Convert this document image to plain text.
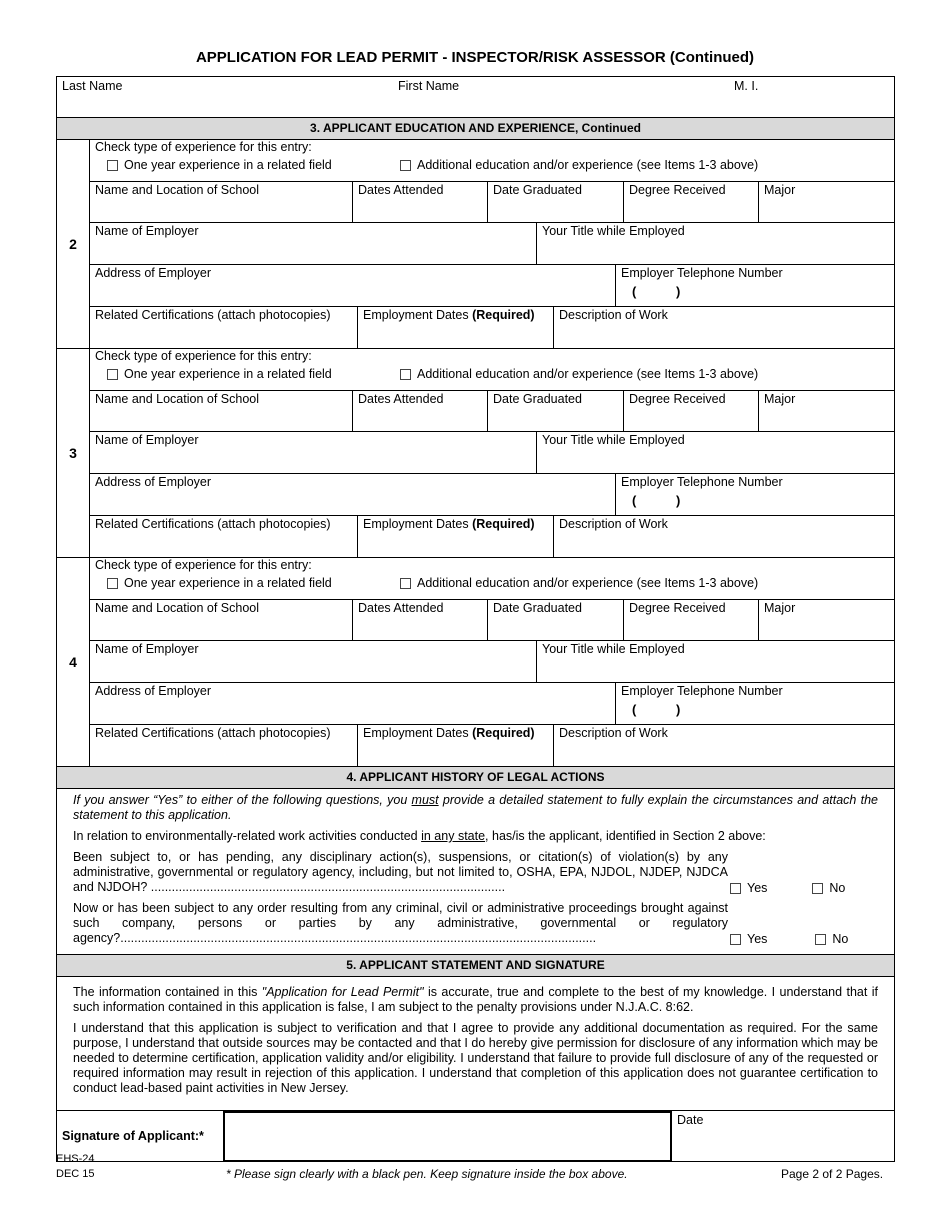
APPLICATION FOR LEAD PERMIT - INSPECTOR/RISK ASSESSOR (Continued)
Last Name	First Name	M. I.
3. APPLICANT EDUCATION AND EXPERIENCE, Continued
2
Check type of experience for this entry:
One year experience in a related field	Additional education and/or experience (see Items 1-3 above)
Name and Location of School	Dates Attended	Date Graduated	Degree Received	Major
Name of Employer	Your Title while Employed
Address of Employer	Employer Telephone Number
(           )
Related Certifications (attach photocopies)	Employment Dates (Required)	Description of Work
3
Check type of experience for this entry:
One year experience in a related field	Additional education and/or experience (see Items 1-3 above)
Name and Location of School	Dates Attended	Date Graduated	Degree Received	Major
Name of Employer	Your Title while Employed
Address of Employer	Employer Telephone Number
(           )
Related Certifications (attach photocopies)	Employment Dates (Required)	Description of Work
4
Check type of experience for this entry:
One year experience in a related field	Additional education and/or experience (see Items 1-3 above)
Name and Location of School	Dates Attended	Date Graduated	Degree Received	Major
Name of Employer	Your Title while Employed
Address of Employer	Employer Telephone Number
(           )
Related Certifications (attach photocopies)	Employment Dates (Required)	Description of Work
4. APPLICANT HISTORY OF LEGAL ACTIONS

If you answer “Yes” to either of the following questions, you must provide a detailed statement to fully explain the circumstances and attach the statement to this application.

In relation to environmentally-related work activities conducted in any state, has/is the applicant, identified in Section 2 above:

Been subject to, or has pending, any disciplinary action(s), suspensions, or citation(s) of violation(s) by any administrative, governmental or regulatory agency, including, but not limited to, OSHA, EPA, NJDOL, NJDEP, NJDCA and NJDOH? ......................................................................................................	Yes	No
Now or has been subject to any order resulting from any criminal, civil or administrative proceedings brought against such company, persons or parties by any administrative, governmental or regulatory agency?.........................................................................................................................................	Yes	No
5. APPLICANT STATEMENT AND SIGNATURE

The information contained in this "Application for Lead Permit" is accurate, true and complete to the best of my knowledge. I understand that if such information contained in this application is false, I am subject to the penalty provisions under N.J.A.C. 8:62.

I understand that this application is subject to verification and that I agree to provide any additional documentation as required. For the same purpose, I understand that outside sources may be contacted and that I do hereby give permission for disclosure of any information which may be needed to determine certification, application validity and/or eligibility. I understand that failure to provide full disclosure of any of the requested or required information may result in rejection of this application. I understand that completion of this application does not guarantee certification to conduct lead-based paint activities in New Jersey.

Signature of Applicant:*
Date
EHS-24
DEC 15	* Please sign clearly with a black pen. Keep signature inside the box above.	Page 2 of 2 Pages.
